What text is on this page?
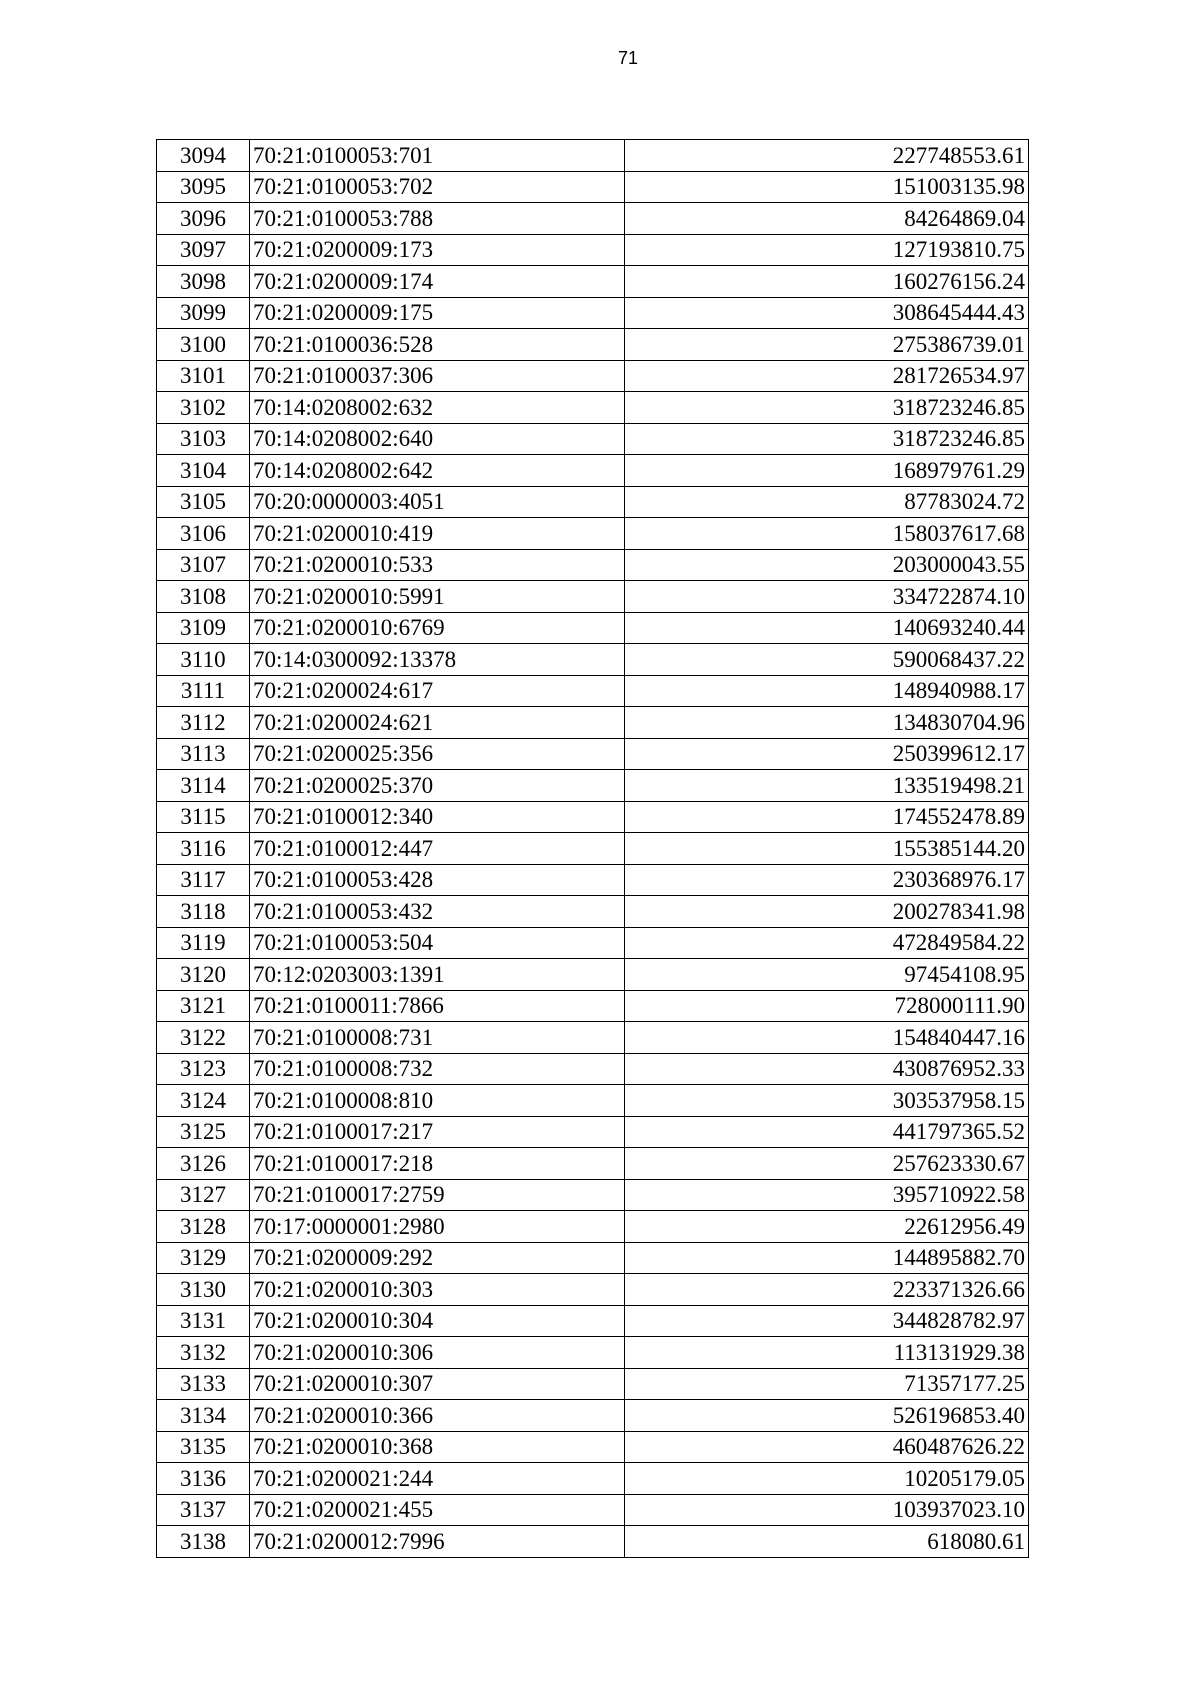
71
3094	70:21:0100053:701	227748553.61
3095	70:21:0100053:702	151003135.98
3096	70:21:0100053:788	84264869.04
3097	70:21:0200009:173	127193810.75
3098	70:21:0200009:174	160276156.24
3099	70:21:0200009:175	308645444.43
3100	70:21:0100036:528	275386739.01
3101	70:21:0100037:306	281726534.97
3102	70:14:0208002:632	318723246.85
3103	70:14:0208002:640	318723246.85
3104	70:14:0208002:642	168979761.29
3105	70:20:0000003:4051	87783024.72
3106	70:21:0200010:419	158037617.68
3107	70:21:0200010:533	203000043.55
3108	70:21:0200010:5991	334722874.10
3109	70:21:0200010:6769	140693240.44
3110	70:14:0300092:13378	590068437.22
3111	70:21:0200024:617	148940988.17
3112	70:21:0200024:621	134830704.96
3113	70:21:0200025:356	250399612.17
3114	70:21:0200025:370	133519498.21
3115	70:21:0100012:340	174552478.89
3116	70:21:0100012:447	155385144.20
3117	70:21:0100053:428	230368976.17
3118	70:21:0100053:432	200278341.98
3119	70:21:0100053:504	472849584.22
3120	70:12:0203003:1391	97454108.95
3121	70:21:0100011:7866	728000111.90
3122	70:21:0100008:731	154840447.16
3123	70:21:0100008:732	430876952.33
3124	70:21:0100008:810	303537958.15
3125	70:21:0100017:217	441797365.52
3126	70:21:0100017:218	257623330.67
3127	70:21:0100017:2759	395710922.58
3128	70:17:0000001:2980	22612956.49
3129	70:21:0200009:292	144895882.70
3130	70:21:0200010:303	223371326.66
3131	70:21:0200010:304	344828782.97
3132	70:21:0200010:306	113131929.38
3133	70:21:0200010:307	71357177.25
3134	70:21:0200010:366	526196853.40
3135	70:21:0200010:368	460487626.22
3136	70:21:0200021:244	10205179.05
3137	70:21:0200021:455	103937023.10
3138	70:21:0200012:7996	618080.61
